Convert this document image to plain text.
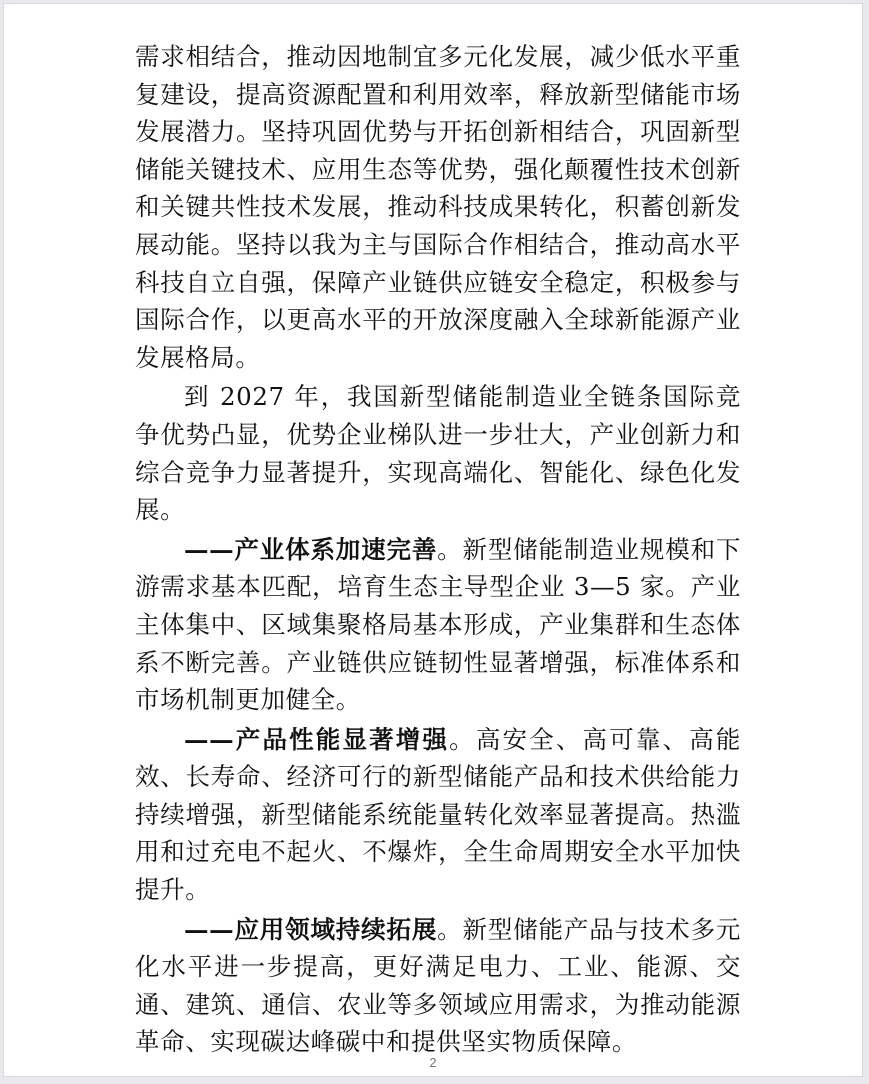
需求相结合，推动因地制宜多元化发展，减少低水平重复建设，提高资源配置和利用效率，释放新型储能市场发展潜力。坚持巩固优势与开拓创新相结合，巩固新型储能关键技术、应用生态等优势，强化颠覆性技术创新和关键共性技术发展，推动科技成果转化，积蓄创新发展动能。坚持以我为主与国际合作相结合，推动高水平科技自立自强，保障产业链供应链安全稳定，积极参与国际合作，以更高水平的开放深度融入全球新能源产业发展格局。

到 2027 年，我国新型储能制造业全链条国际竞争优势凸显，优势企业梯队进一步壮大，产业创新力和综合竞争力显著提升，实现高端化、智能化、绿色化发展。

——产业体系加速完善。新型储能制造业规模和下游需求基本匹配，培育生态主导型企业 3—5 家。产业主体集中、区域集聚格局基本形成，产业集群和生态体系不断完善。产业链供应链韧性显著增强，标准体系和市场机制更加健全。

——产品性能显著增强。高安全、高可靠、高能效、长寿命、经济可行的新型储能产品和技术供给能力持续增强，新型储能系统能量转化效率显著提高。热滥用和过充电不起火、不爆炸，全生命周期安全水平加快提升。

——应用领域持续拓展。新型储能产品与技术多元化水平进一步提高，更好满足电力、工业、能源、交通、建筑、通信、农业等多领域应用需求，为推动能源革命、实现碳达峰碳中和提供坚实物质保障。

2
